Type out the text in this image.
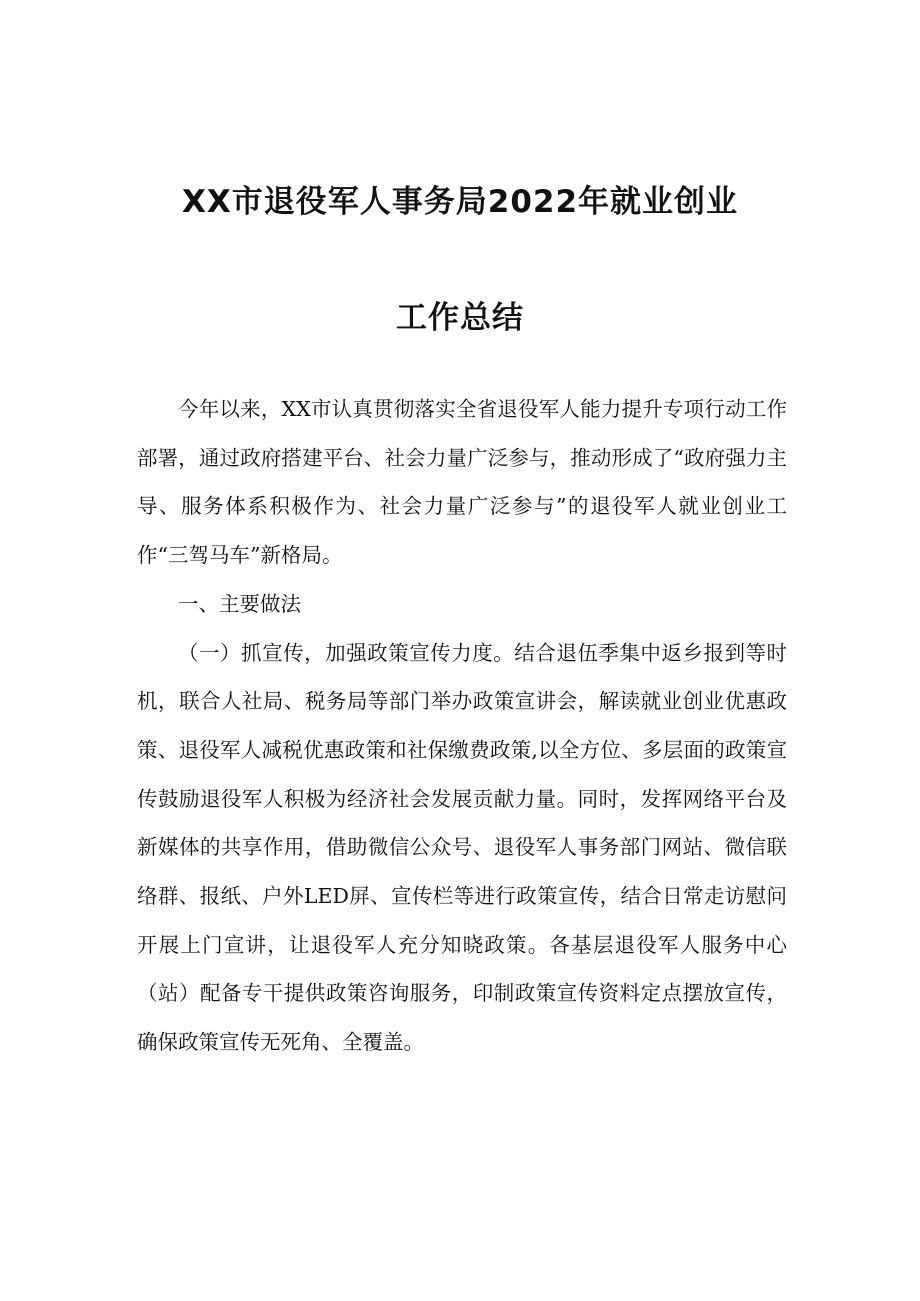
XX市退役军人事务局2022年就业创业
工作总结

今年以来，XX市认真贯彻落实全省退役军人能力提升专项行动工作部署，通过政府搭建平台、社会力量广泛参与，推动形成了“政府强力主导、服务体系积极作为、社会力量广泛参与”的退役军人就业创业工作“三驾马车”新格局。

一、主要做法

（一）抓宣传，加强政策宣传力度。结合退伍季集中返乡报到等时机，联合人社局、税务局等部门举办政策宣讲会，解读就业创业优惠政策、退役军人减税优惠政策和社保缴费政策,以全方位、多层面的政策宣传鼓励退役军人积极为经济社会发展贡献力量。同时，发挥网络平台及新媒体的共享作用，借助微信公众号、退役军人事务部门网站、微信联络群、报纸、户外LED屏、宣传栏等进行政策宣传，结合日常走访慰问开展上门宣讲，让退役军人充分知晓政策。各基层退役军人服务中心（站）配备专干提供政策咨询服务，印制政策宣传资料定点摆放宣传，确保政策宣传无死角、全覆盖。
